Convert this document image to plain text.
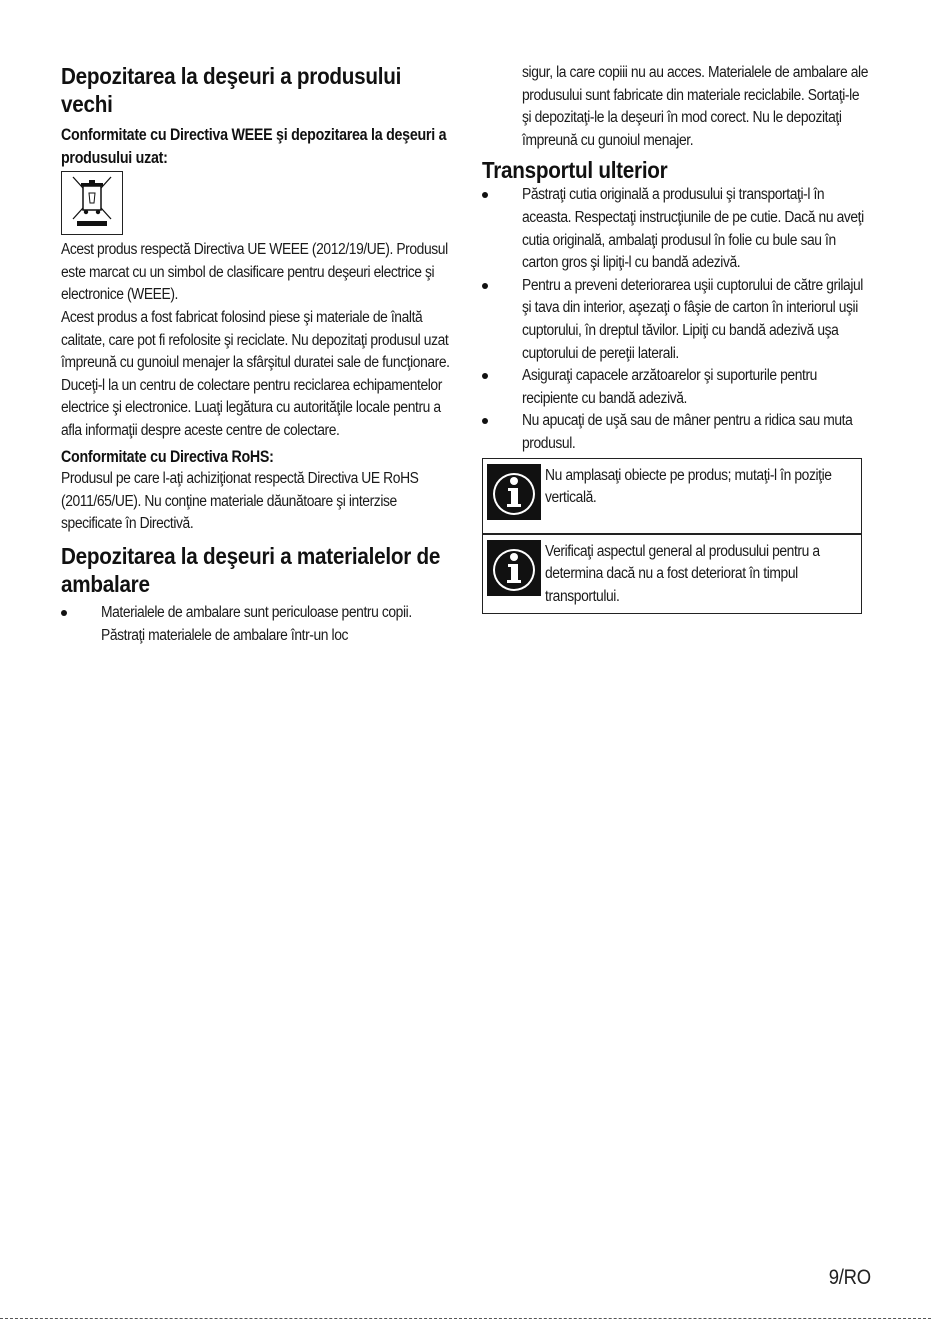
Depozitarea la deşeuri a produsului vechi
Conformitate cu Directiva WEEE şi depozitarea la deşeuri a produsului uzat:

Acest produs respectă Directiva UE WEEE (2012/19/UE). Produsul este marcat cu un simbol de clasificare pentru deşeuri electrice şi electronice (WEEE).

Acest produs a fost fabricat folosind piese şi materiale de înaltă calitate, care pot fi refolosite şi reciclate. Nu depozitaţi produsul uzat împreună cu gunoiul menajer la sfârşitul duratei sale de funcţionare. Duceţi-l la un centru de colectare pentru reciclarea echipamentelor electrice şi electronice. Luaţi legătura cu autorităţile locale pentru a afla informaţii despre aceste centre de colectare.

Conformitate cu Directiva RoHS:

Produsul pe care l-aţi achiziţionat respectă Directiva UE RoHS (2011/65/UE). Nu conţine materiale dăunătoare şi interzise specificate în Directivă.

Depozitarea la deşeuri a materialelor de ambalare

Materialele de ambalare sunt periculoase pentru copii. Păstraţi materialele de ambalare într-un loc

sigur, la care copiii nu au acces. Materialele de ambalare ale produsului sunt fabricate din materiale reciclabile. Sortaţi-le şi depozitaţi-le la deşeuri în mod corect. Nu le depozitaţi împreună cu gunoiul menajer.

Transportul ulterior

Păstraţi cutia originală a produsului şi transportaţi-l în aceasta. Respectaţi instrucţiunile de pe cutie. Dacă nu aveţi cutia originală, ambalaţi produsul în folie cu bule sau în carton gros şi lipiţi-l cu bandă adezivă.

Pentru a preveni deteriorarea uşii cuptorului de către grilajul şi tava din interior, aşezaţi o fâşie de carton în interiorul uşii cuptorului, în dreptul tăvilor. Lipiţi cu bandă adezivă uşa cuptorului de pereţii laterali.

Asiguraţi capacele arzătoarelor şi suporturile pentru recipiente cu bandă adezivă.

Nu apucaţi de uşă sau de mâner pentru a ridica sau muta produsul.

Nu amplasaţi obiecte pe produs; mutaţi-l în poziţie verticală.

Verificaţi aspectul general al produsului pentru a determina dacă nu a fost deteriorat în timpul transportului.

9/RO
